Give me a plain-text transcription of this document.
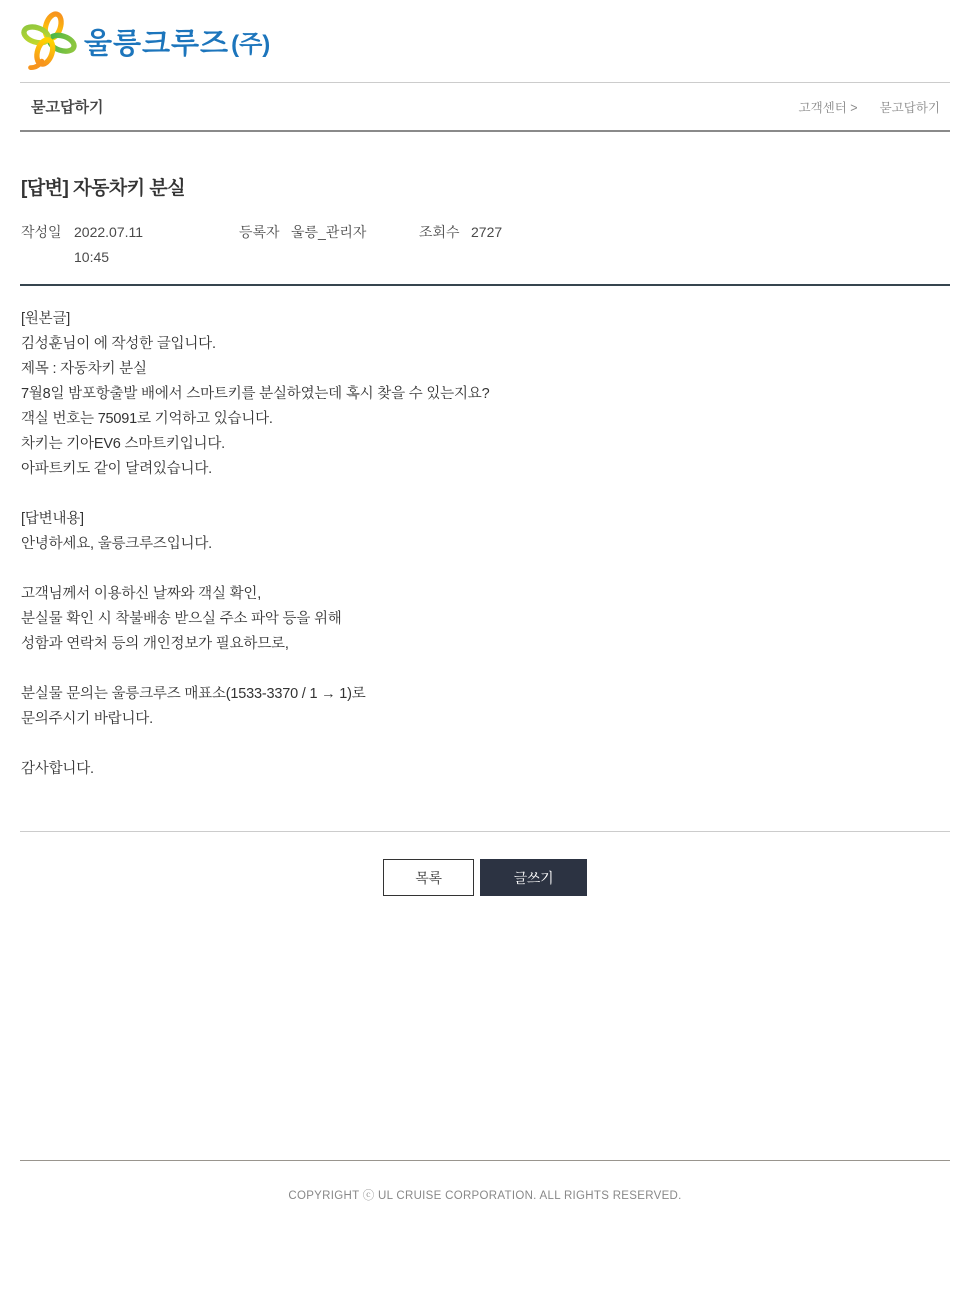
울릉크루즈 (주)
묻고답하기	고객센터 > 묻고답하기
[답변] 자동차키 분실
작성일 2022.07.11
10:45
등록자 울릉_관리자	조회수 2727
[원본글]
김성훈님이 에 작성한 글입니다.
제목 : 자동차키 분실
7월8일 밤포항출발 배에서 스마트키를 분실하였는데 혹시 찾을 수 있는지요?
객실 번호는 75091로 기억하고 있습니다.
차키는 기아EV6 스마트키입니다.
아파트키도 같이 달려있습니다.

[답변내용]
안녕하세요, 울릉크루즈입니다.

고객님께서 이용하신 날짜와 객실 확인,
분실물 확인 시 착불배송 받으실 주소 파악 등을 위해
성함과 연락처 등의 개인정보가 필요하므로,

분실물 문의는 울릉크루즈 매표소(1533-3370 / 1 → 1)로
문의주시기 바랍니다.

감사합니다.
목록	글쓰기
COPYRIGHT ⓒ UL CRUISE CORPORATION. ALL RIGHTS RESERVED.
